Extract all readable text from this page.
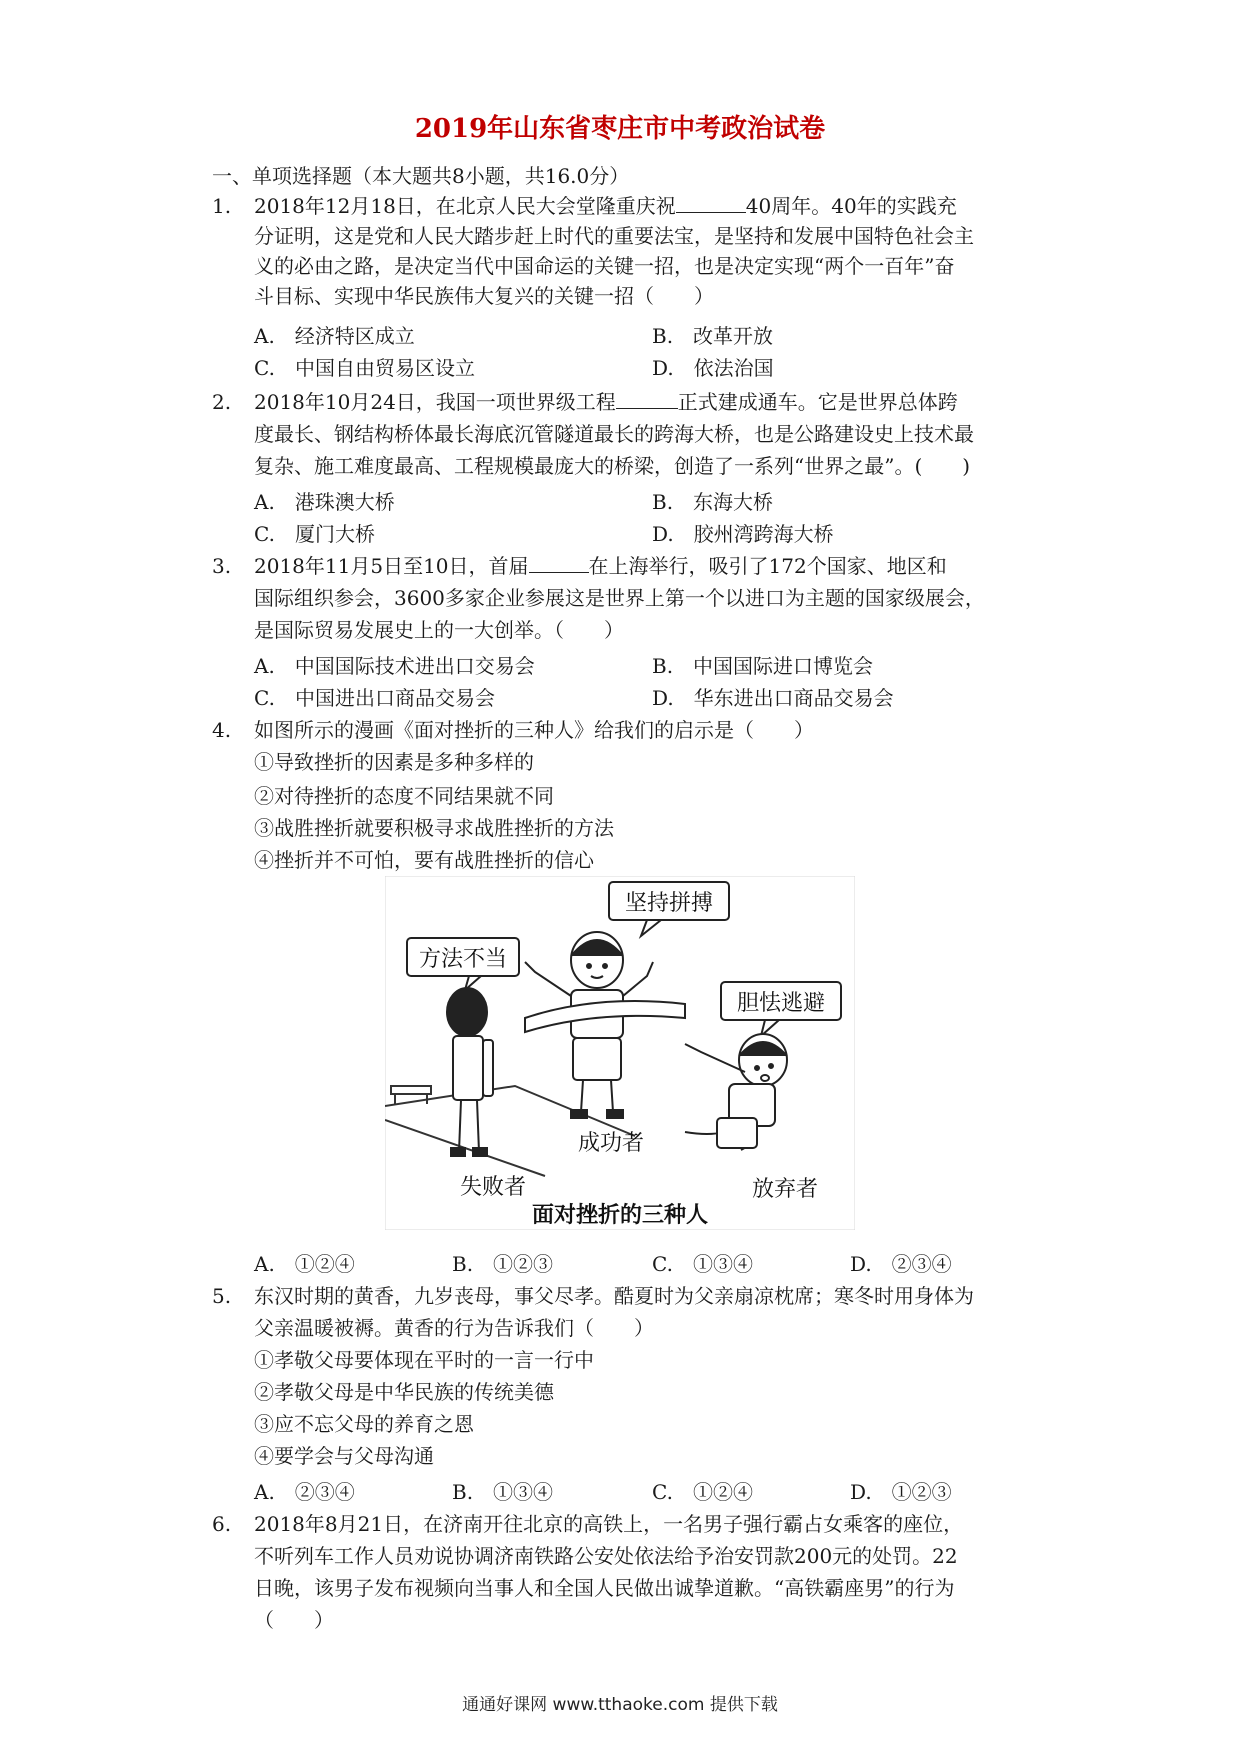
2019年山东省枣庄市中考政治试卷
一、单项选择题（本大题共8小题，共16.0分）
1. 2018年12月18日，在北京人民大会堂隆重庆祝	40周年。40年的实践充
分证明，这是党和人民大踏步赶上时代的重要法宝，是坚持和发展中国特色社会主
义的必由之路，是决定当代中国命运的关键一招，也是决定实现“两个一百年”奋
斗目标、实现中华民族伟大复兴的关键一招（　　）
A.　经济特区成立	B.　改革开放
C.　中国自由贸易区设立	D.　依法治国
2. 2018年10月24日，我国一项世界级工程	正式建成通车。它是世界总体跨
度最长、钢结构桥体最长海底沉管隧道最长的跨海大桥，也是公路建设史上技术最
复杂、施工难度最高、工程规模最庞大的桥梁，创造了一系列“世界之最”。(　　)
A.　港珠澳大桥	B.　东海大桥
C.　厦门大桥	D.　胶州湾跨海大桥
3. 2018年11月5日至10日，首届	在上海举行，吸引了172个国家、地区和
国际组织参会，3600多家企业参展这是世界上第一个以进口为主题的国家级展会，
是国际贸易发展史上的一大创举。（　　）
A.　中国国际技术进出口交易会	B.　中国国际进口博览会
C.　中国进出口商品交易会	D.　华东进出口商品交易会
4. 如图所示的漫画《面对挫折的三种人》给我们的启示是（　　）
①导致挫折的因素是多种多样的
②对待挫折的态度不同结果就不同
③战胜挫折就要积极寻求战胜挫折的方法
④挫折并不可怕，要有战胜挫折的信心
坚持拼搏
方法不当
胆怯逃避
成功者
失败者	放弃者
面对挫折的三种人
A.　①②④	B.　①②③	C.　①③④	D.　②③④
5. 东汉时期的黄香，九岁丧母，事父尽孝。酷夏时为父亲扇凉枕席；寒冬时用身体为
父亲温暖被褥。黄香的行为告诉我们（　　）
①孝敬父母要体现在平时的一言一行中
②孝敬父母是中华民族的传统美德
③应不忘父母的养育之恩
④要学会与父母沟通
A.　②③④	B.　①③④	C.　①②④	D.　①②③
6. 2018年8月21日，在济南开往北京的高铁上，一名男子强行霸占女乘客的座位，
不听列车工作人员劝说协调济南铁路公安处依法给予治安罚款200元的处罚。22
日晚，该男子发布视频向当事人和全国人民做出诚挚道歉。“高铁霸座男”的行为
（　　）
通通好课网 www.tthaoke.com 提供下载
